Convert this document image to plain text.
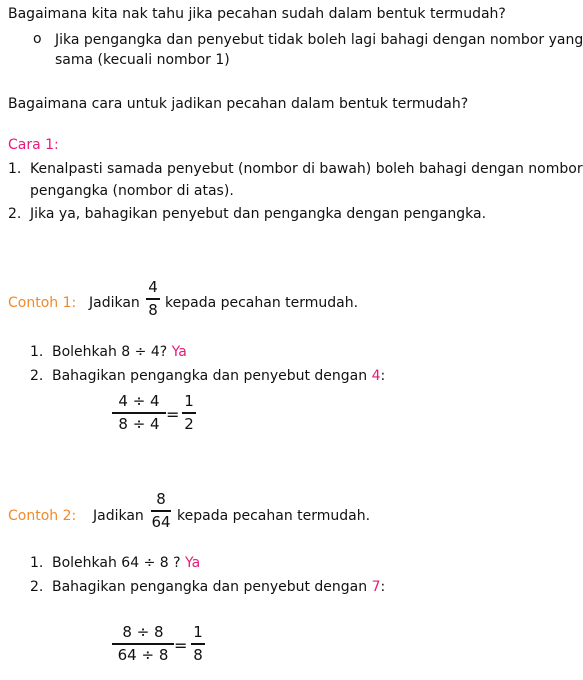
Bagaimana kita nak tahu jika pecahan sudah dalam bentuk termudah?
o Jika pengangka dan penyebut tidak boleh lagi bahagi dengan nombor yang
sama (kecuali nombor 1)
Bagaimana cara untuk jadikan pecahan dalam bentuk termudah?
Cara 1:
1. Kenalpasti samada penyebut (nombor di bawah) boleh bahagi dengan nombor
pengangka (nombor di atas).
2. Jika ya, bahagikan penyebut dan pengangka dengan pengangka.
Contoh 1: Jadikan
4
8 kepada pecahan termudah.
1. Bolehkah 8 ÷ 4? Ya
2. Bahagikan pengangka dan penyebut dengan 4:
4 ÷ 4
8 ÷ 4 =
1
2
Contoh 2: Jadikan
8
64 kepada pecahan termudah.
1. Bolehkah 64 ÷ 8 ? Ya
2. Bahagikan pengangka dan penyebut dengan 7:
8 ÷ 8
64 ÷ 8 =
1
8
